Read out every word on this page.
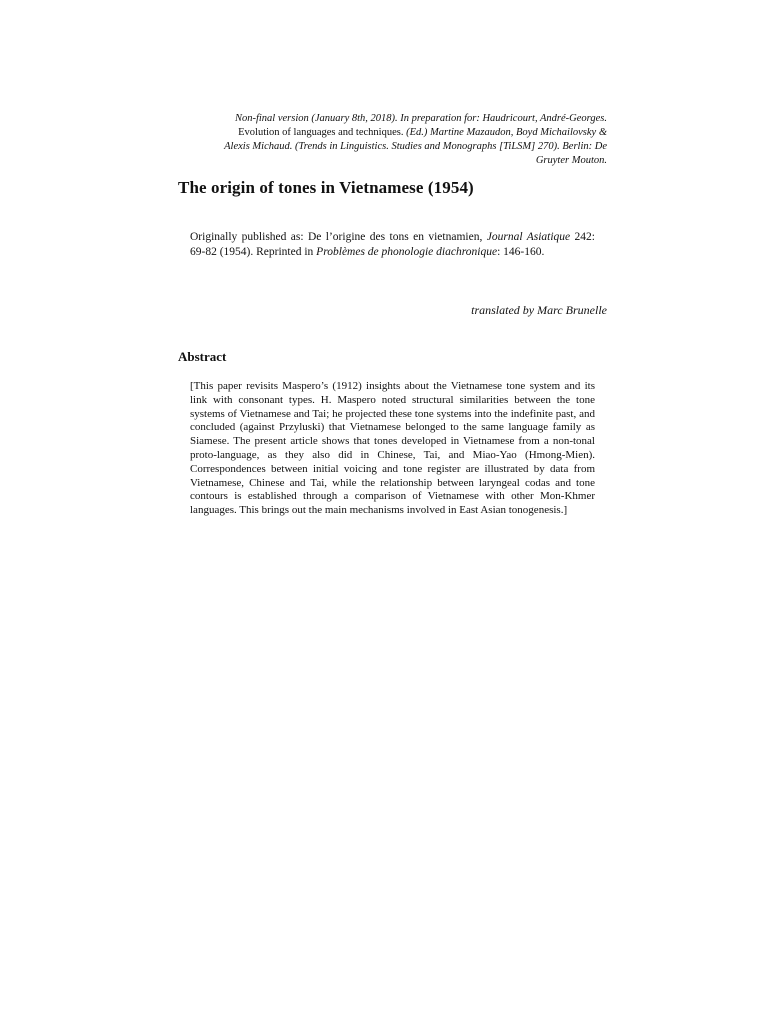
Non-final version (January 8th, 2018). In preparation for: Haudricourt, André-Georges.
Evolution of languages and techniques. (Ed.) Martine Mazaudon, Boyd Michailovsky &
Alexis Michaud. (Trends in Linguistics. Studies and Monographs [TiLSM] 270). Berlin: De
Gruyter Mouton.
The origin of tones in Vietnamese (1954)

Originally published as: De l’origine des tons en vietnamien, Journal Asiatique 242: 69-82 (1954). Reprinted in Problèmes de phonologie diachronique: 146-160.

translated by Marc Brunelle

Abstract

[This paper revisits Maspero’s (1912) insights about the Vietnamese tone system and its link with consonant types. H. Maspero noted structural similarities between the tone systems of Vietnamese and Tai; he projected these tone systems into the indefinite past, and concluded (against Przyluski) that Vietnamese belonged to the same language family as Siamese. The present article shows that tones developed in Vietnamese from a non-tonal proto-language, as they also did in Chinese, Tai, and Miao-Yao (Hmong-Mien). Correspondences between initial voicing and tone register are illustrated by data from Vietnamese, Chinese and Tai, while the relationship between laryngeal codas and tone contours is established through a comparison of Vietnamese with other Mon-Khmer languages. This brings out the main mechanisms involved in East Asian tonogenesis.]
